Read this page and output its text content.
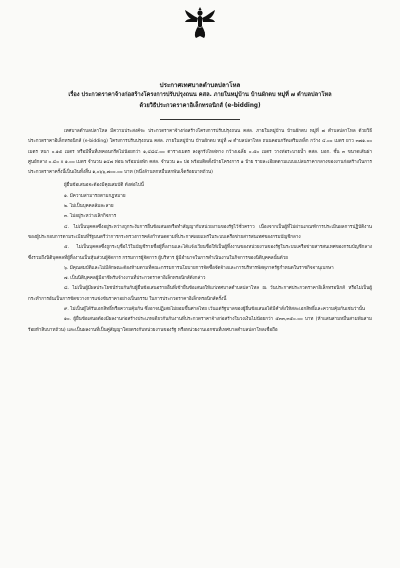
ประกาศเทศบาลตำบลปลาโหล
เรื่อง ประกวดราคาจ้างก่อสร้างโครงการปรับปรุงถนน คสล. ภายในหมู่บ้าน บ้านผักตบ หมู่ที่ ๗ ตำบลปลาโหล
ด้วยวิธีประกวดราคาอิเล็กทรอนิกส์ (e-bidding)

เทศบาลตำบลปลาโหล มีความประสงค์จะ ประกวดราคาจ้างก่อสร้างโครงการปรับปรุงถนน คสล. ภายในหมู่บ้าน บ้านผักตบ หมู่ที่ ๗ ตำบลปลาโหล ด้วยวิธีประกวดราคาอิเล็กทรอนิกส์ (e-bidding) โครงการปรับปรุงถนน คสล. ภายในหมู่บ้าน บ้านผักตบ หมู่ที่ ๗ ตำบลปลาโหล ถนนคอนกรีตเสริมเหล็ก กว้าง ๔.๐๐ เมตร ยาว ๓๗๑.๐๐ เมตร หนา ๐.๑๕ เมตร หรือมีพื้นที่เทคอนกรีตไม่น้อยกว่า ๑,๔๘๔.๐๐ ตารางเมตร ลงลูกรังไหล่ทาง กว้างเฉลี่ย ๐.๕๐ เมตร วางท่อระบายน้ำ คสล. มอก. ชั้น ๓ ขนาดเส้นผ่าศูนย์กลาง ๐.๔๐ x ๑.๐๐ เมตร จำนวน ๑๔๗ ท่อน พร้อมบ่อพัก คสล. จำนวน ๑๐ บ่อ พร้อมติดตั้งป้ายโครงการ ๑ ป้าย รายละเอียดตามแบบแปลนราคากลางของงานก่อสร้างในการประกวดราคาครั้งนี้เป็นเงินทั้งสิ้น ๑,๐๖๖,๗๐๐.๐๐ บาท (หนึ่งล้านหกหมื่นหกพันเจ็ดร้อยบาทถ้วน)

ผู้ยื่นข้อเสนอจะต้องมีคุณสมบัติ ดังต่อไปนี้

๑. มีความสามารถตามกฎหมาย

๒. ไม่เป็นบุคคลล้มละลาย

๓. ไม่อยู่ระหว่างเลิกกิจการ

๔. ไม่เป็นบุคคลซึ่งอยู่ระหว่างถูกระงับการยื่นข้อเสนอหรือทำสัญญากับหน่วยงานของรัฐไว้ชั่วคราว เนื่องจากเป็นผู้ที่ไม่ผ่านเกณฑ์การประเมินผลการปฏิบัติงานของผู้ประกอบการตามระเบียบที่รัฐมนตรีว่าการกระทรวงการคลังกำหนดตามที่ประกาศเผยแพร่ในระบบเครือข่ายสารสนเทศของกรมบัญชีกลาง

๕. ไม่เป็นบุคคลซึ่งถูกระบุชื่อไว้ในบัญชีรายชื่อผู้ทิ้งงานและได้แจ้งเวียนชื่อให้เป็นผู้ทิ้งงานของหน่วยงานของรัฐในระบบเครือข่ายสารสนเทศของกรมบัญชีกลาง ซึ่งรวมถึงนิติบุคคลที่ผู้ทิ้งงานเป็นหุ้นส่วนผู้จัดการ กรรมการผู้จัดการ ผู้บริหาร ผู้มีอำนาจในการดำเนินงานในกิจการของนิติบุคคลนั้นด้วย

๖. มีคุณสมบัติและไม่มีลักษณะต้องห้ามตามที่คณะกรรมการนโยบายการจัดซื้อจัดจ้างและการบริหารพัสดุภาครัฐกำหนดในราชกิจจานุเบกษา

๗. เป็นนิติบุคคลผู้มีอาชีพรับจ้างงานที่ประกวดราคาอิเล็กทรอนิกส์ดังกล่าว

๘. ไม่เป็นผู้มีผลประโยชน์ร่วมกันกับผู้ยื่นข้อเสนอรายอื่นที่เข้ายื่นข้อเสนอให้แก่เทศบาลตำบลปลาโหล ณ วันประกาศประกวดราคาอิเล็กทรอนิกส์ หรือไม่เป็นผู้กระทำการอันเป็นการขัดขวางการแข่งขันราคาอย่างเป็นธรรม ในการประกวดราคาอิเล็กทรอนิกส์ครั้งนี้

๙. ไม่เป็นผู้ได้รับเอกสิทธิ์หรือความคุ้มกัน ซึ่งอาจปฏิเสธไม่ยอมขึ้นศาลไทย เว้นแต่รัฐบาลของผู้ยื่นข้อเสนอได้มีคำสั่งให้สละเอกสิทธิ์และความคุ้มกันเช่นว่านั้น

๑๐. ผู้ยื่นข้อเสนอต้องมีผลงานก่อสร้างประเภทเดียวกันกับงานที่ประกวดราคาจ้างก่อสร้างในวงเงินไม่น้อยกว่า ๕๓๓,๓๕๐.๐๐ บาท (ห้าแสนสามหมื่นสามพันสามร้อยห้าสิบบาทถ้วน) และเป็นผลงานที่เป็นคู่สัญญาโดยตรงกับหน่วยงานของรัฐ หรือหน่วยงานเอกชนที่เทศบาลตำบลปลาโหลเชื่อถือ
